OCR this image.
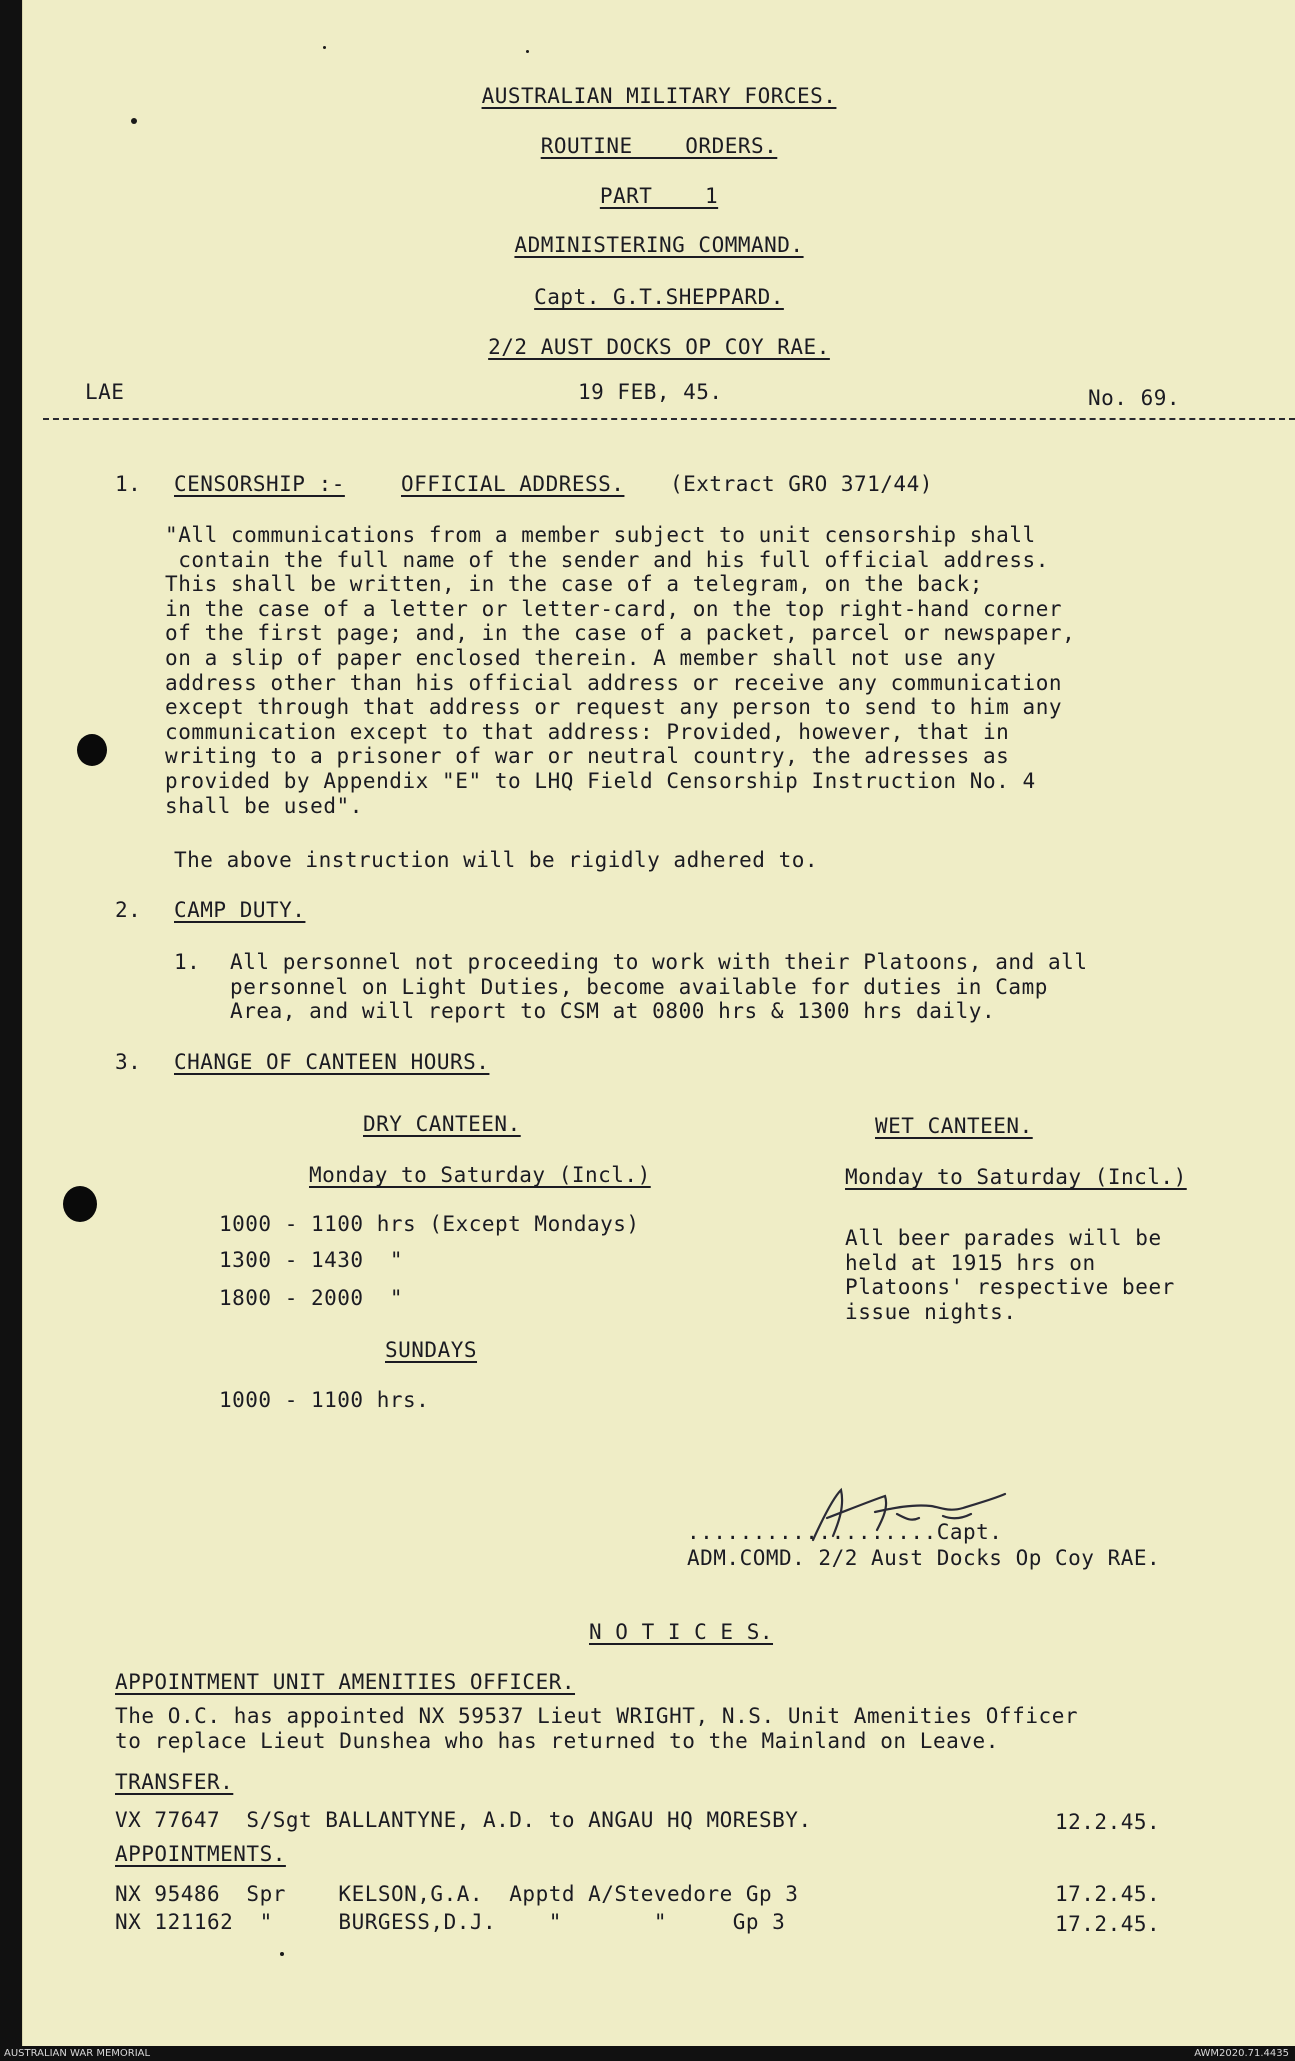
AUSTRALIAN MILITARY FORCES.
ROUTINE    ORDERS.
PART    1
ADMINISTERING COMMAND.
Capt. G.T.SHEPPARD.
2/2 AUST DOCKS OP COY RAE.
LAE	19 FEB, 45.	No. 69.
1. CENSORSHIP :-	OFFICIAL ADDRESS. (Extract GRO 371/44)
"All communications from a member subject to unit censorship shall
contain the full name of the sender and his full official address.
This shall be written, in the case of a telegram, on the back;
in the case of a letter or letter-card, on the top right-hand corner
of the first page; and, in the case of a packet, parcel or newspaper,
on a slip of paper enclosed therein. A member shall not use any
address other than his official address or receive any communication
except through that address or request any person to send to him any
communication except to that address: Provided, however, that in
writing to a prisoner of war or neutral country, the adresses as
provided by Appendix "E" to LHQ Field Censorship Instruction No. 4
shall be used".
The above instruction will be rigidly adhered to.
2. CAMP DUTY.
1. All personnel not proceeding to work with their Platoons, and all
personnel on Light Duties, become available for duties in Camp
Area, and will report to CSM at 0800 hrs & 1300 hrs daily.
3. CHANGE OF CANTEEN HOURS.
DRY CANTEEN.
Monday to Saturday (Incl.)
1000 - 1100 hrs (Except Mondays)
1300 - 1430  "
1800 - 2000  "
SUNDAYS
1000 - 1100 hrs.
WET CANTEEN.
Monday to Saturday (Incl.)
All beer parades will be
held at 1915 hrs on
Platoons' respective beer
issue nights.
...................Capt.
ADM.COMD. 2/2 Aust Docks Op Coy RAE.
N O T I C E S.
APPOINTMENT UNIT AMENITIES OFFICER.
The O.C. has appointed NX 59537 Lieut WRIGHT, N.S. Unit Amenities Officer
to replace Lieut Dunshea who has returned to the Mainland on Leave.
TRANSFER.
VX 77647  S/Sgt BALLANTYNE, A.D. to ANGAU HQ MORESBY.	12.2.45.
APPOINTMENTS.
NX 95486  Spr    KELSON,G.A.  Apptd A/Stevedore Gp 3	17.2.45.
NX 121162  "     BURGESS,D.J.    "       "     Gp 3	17.2.45.
AUSTRALIAN WAR MEMORIAL	AWM2020.71.4435
